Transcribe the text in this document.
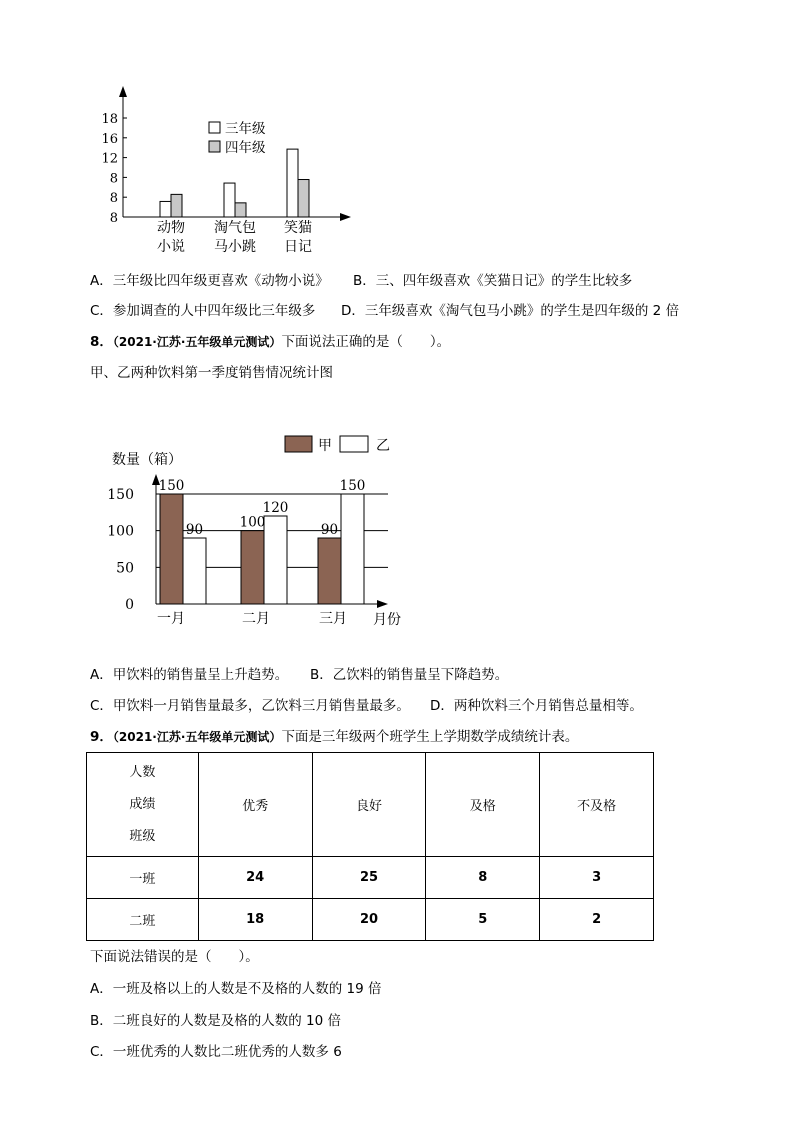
18
16
12
8
8
8
动物
小说
淘气包
马小跳
笑猫
日记
三年级
四年级
A．三年级比四年级更喜欢《动物小说》 B．三、四年级喜欢《笑猫日记》的学生比较多
C．参加调查的人中四年级比三年级多 D．三年级喜欢《淘气包马小跳》的学生是四年级的 2 倍
8．（2021·江苏·五年级单元测试）下面说法正确的是（　　）。
甲、乙两种饮料第一季度销售情况统计图
甲	乙
数量（箱）
150
100
50
0
150
90	100
120
90
150
一月	二月	三月 月份
A．甲饮料的销售量呈上升趋势。 B．乙饮料的销售量呈下降趋势。
C．甲饮料一月销售量最多，乙饮料三月销售量最多。 D．两种饮料三个月销售总量相等。
9．（2021·江苏·五年级单元测试）下面是三年级两个班学生上学期数学成绩统计表。
人数
成绩
班级	优秀	良好	及格	不及格
一班	24	25	8	3
二班	18	20	5	2
下面说法错误的是（　　）。
A．一班及格以上的人数是不及格的人数的 19 倍
B．二班良好的人数是及格的人数的 10 倍
C．一班优秀的人数比二班优秀的人数多 6
